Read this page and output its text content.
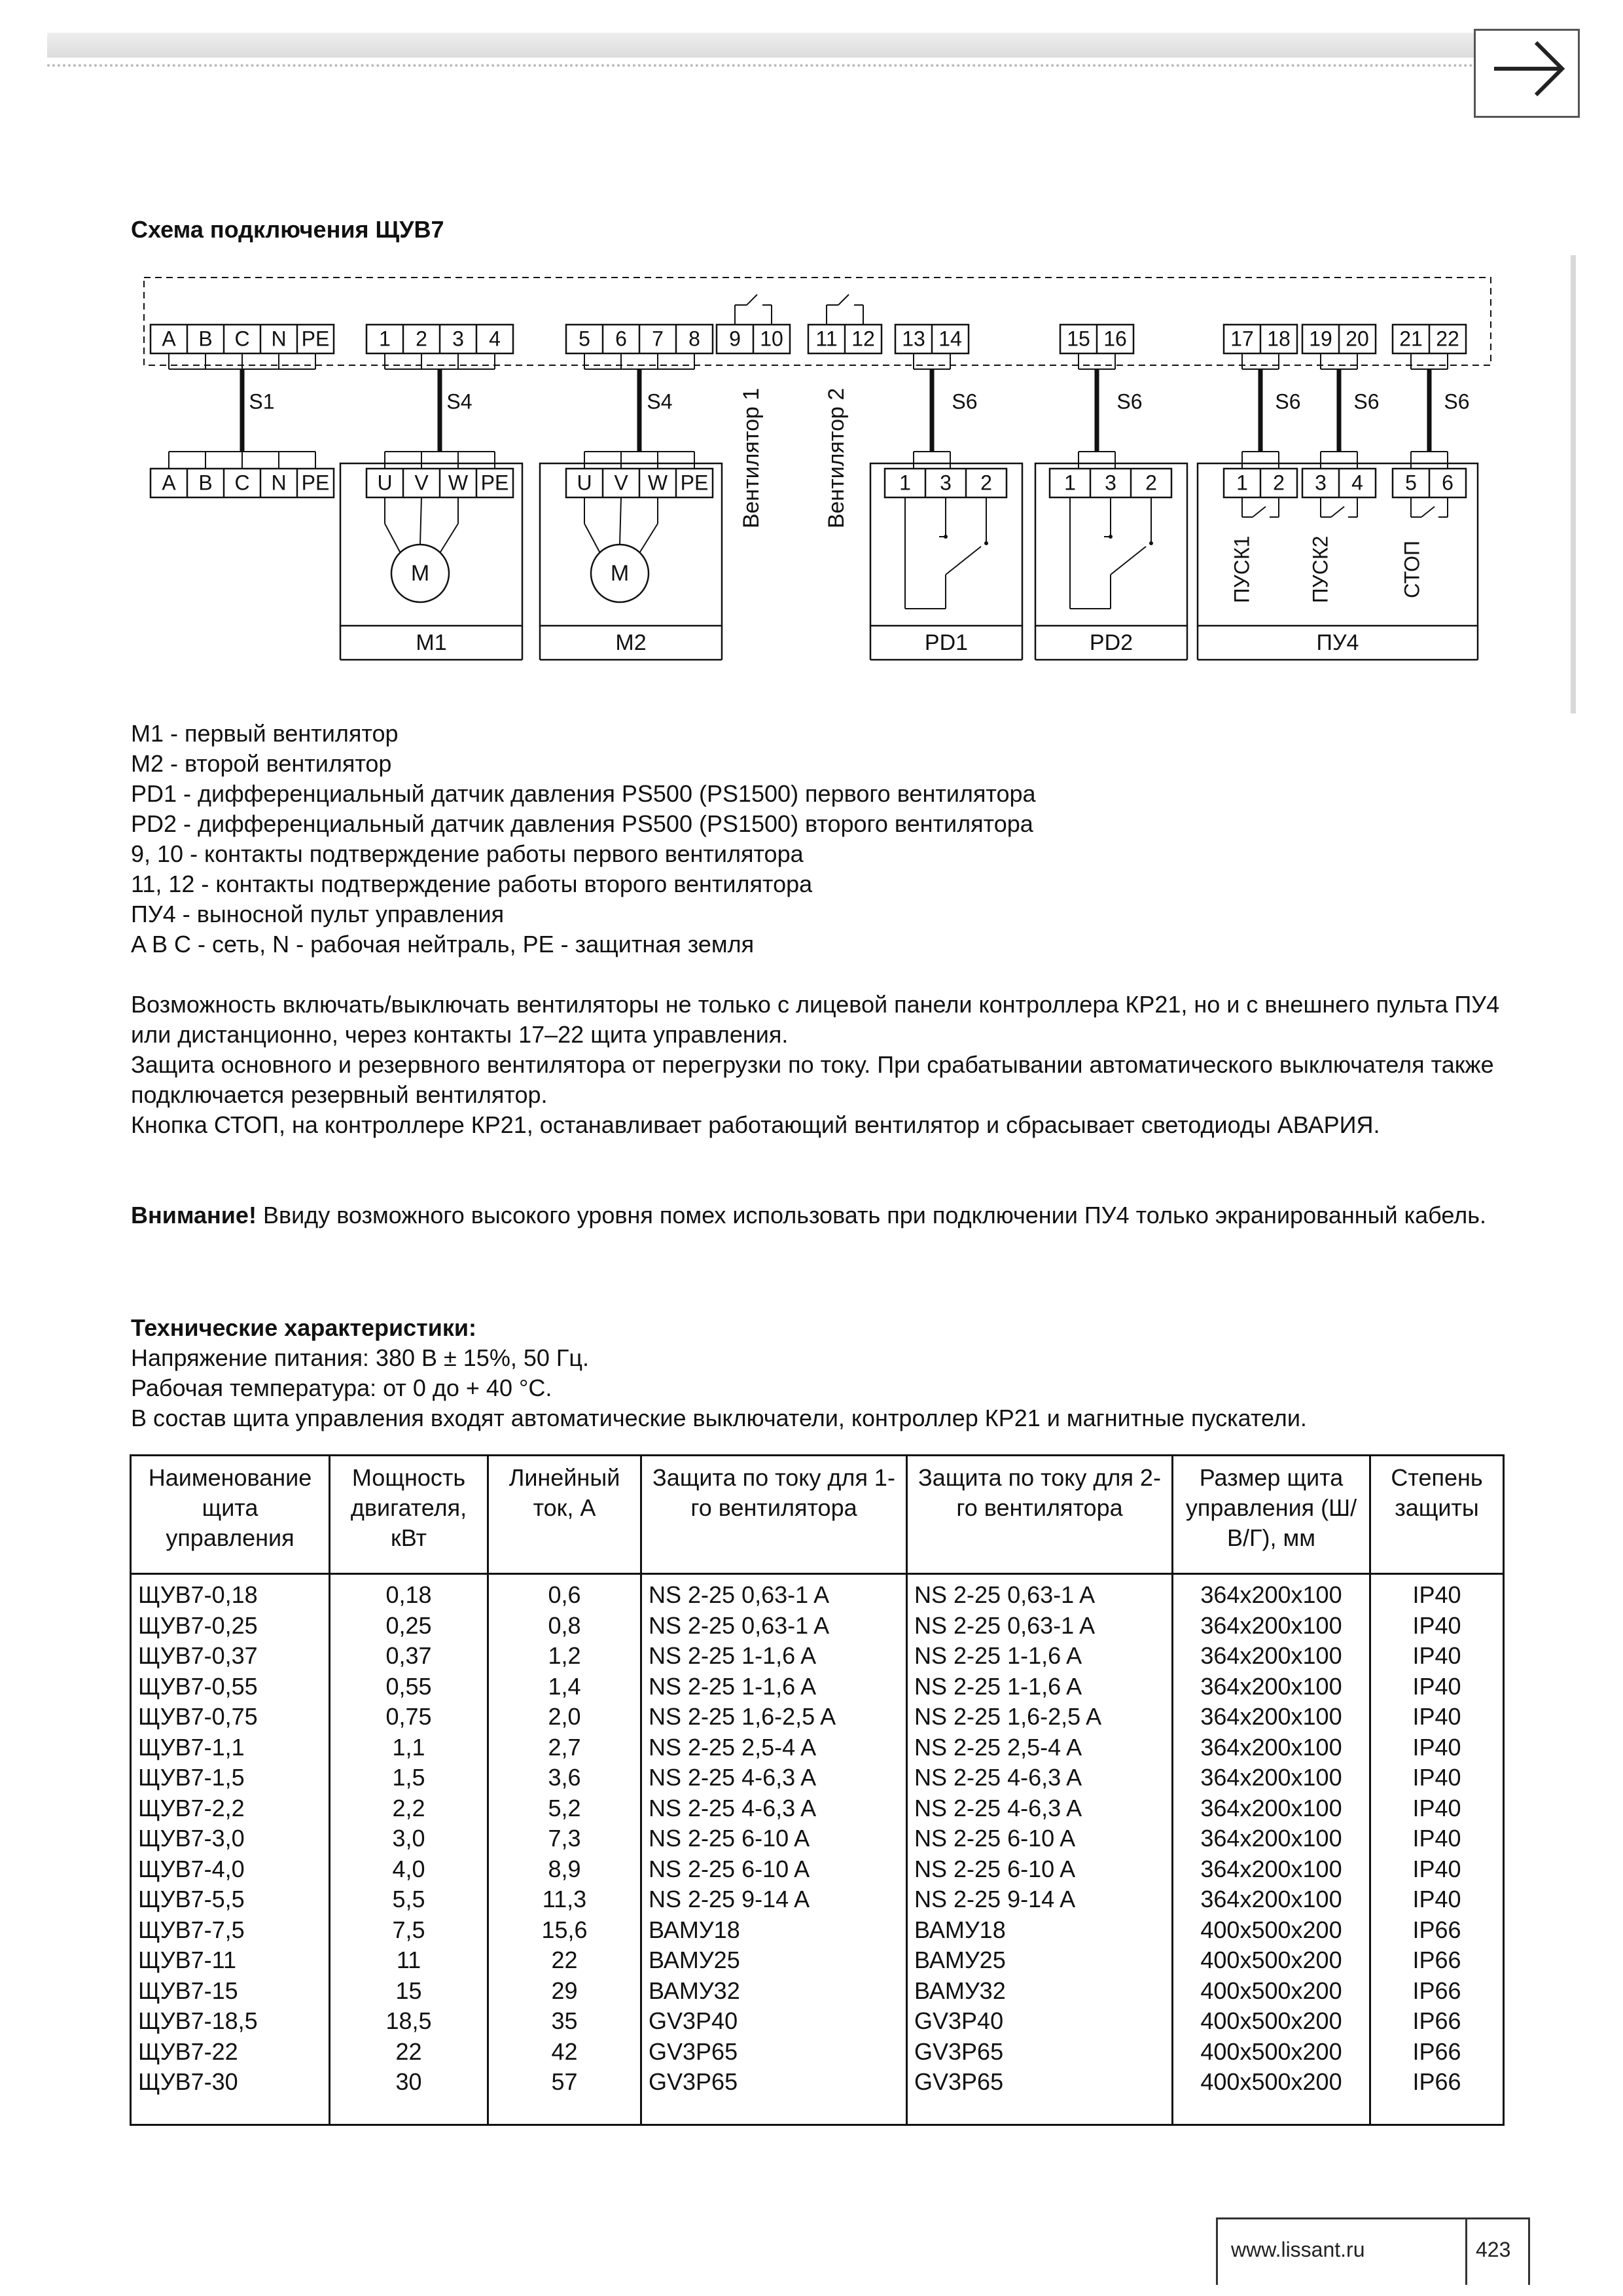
Схема подключения ЩУВ7
A B C N PE 1 2 3 4	5 6 7 8 9 10 11 12 13 14	15 16	17 18 19 20 21 22
S1
A B C N PE
S4	S4
M1
U V W PE
M
M2
U V W PE
M
Вентилятор 1	Вентилятор 2	S6
PD1
1 3 2
S6
PD2
1 3 2
ПУ4
S6	S6	S6
1 2 3 4 5 6
ПУСК1	ПУСК2	СТОП
M1 - первый вентилятор
M2 - второй вентилятор
PD1 - дифференциальный датчик давления PS500 (PS1500) первого вентилятора
PD2 - дифференциальный датчик давления PS500 (PS1500) второго вентилятора
9, 10 - контакты подтверждение работы первого вентилятора
11, 12 - контакты подтверждение работы второго вентилятора
ПУ4 - выносной пульт управления
A B C - сеть, N - рабочая нейтраль, PE - защитная земля

Возможность включать/выключать вентиляторы не только с лицевой панели контроллера КР21, но и с внешнего пульта ПУ4 или дистанционно, через контакты 17–22 щита управления.

Защита основного и резервного вентилятора от перегрузки по току. При срабатывании автоматического выключателя также подключается резервный вентилятор.

Кнопка СТОП, на контроллере КР21, останавливает работающий вентилятор и сбрасывает светодиоды АВАРИЯ.

Внимание! Ввиду возможного высокого уровня помех использовать при подключении ПУ4 только экранированный кабель.

Технические характеристики:
Напряжение питания: 380 В ± 15%, 50 Гц.
Рабочая температура: от 0 до + 40 °С.
В состав щита управления входят автоматические выключатели, контроллер КР21 и магнитные пускатели.
Наименование щита управления	Мощность двигателя, кВт	Линейный ток, А	Защита по току для 1-го вентилятора	Защита по току для 2-го вентилятора	Размер щита управления (Ш/В/Г), мм	Степень защиты
ЩУВ7-0,18	0,18	0,6	NS 2-25 0,63-1 A	NS 2-25 0,63-1 A	364x200x100	IP40
ЩУВ7-0,25	0,25	0,8	NS 2-25 0,63-1 A	NS 2-25 0,63-1 A	364x200x100	IP40
ЩУВ7-0,37	0,37	1,2	NS 2-25 1-1,6 A	NS 2-25 1-1,6 A	364x200x100	IP40
ЩУВ7-0,55	0,55	1,4	NS 2-25 1-1,6 A	NS 2-25 1-1,6 A	364x200x100	IP40
ЩУВ7-0,75	0,75	2,0	NS 2-25 1,6-2,5 A	NS 2-25 1,6-2,5 A	364x200x100	IP40
ЩУВ7-1,1	1,1	2,7	NS 2-25 2,5-4 A	NS 2-25 2,5-4 A	364x200x100	IP40
ЩУВ7-1,5	1,5	3,6	NS 2-25 4-6,3 A	NS 2-25 4-6,3 A	364x200x100	IP40
ЩУВ7-2,2	2,2	5,2	NS 2-25 4-6,3 A	NS 2-25 4-6,3 A	364x200x100	IP40
ЩУВ7-3,0	3,0	7,3	NS 2-25 6-10 A	NS 2-25 6-10 A	364x200x100	IP40
ЩУВ7-4,0	4,0	8,9	NS 2-25 6-10 A	NS 2-25 6-10 A	364x200x100	IP40
ЩУВ7-5,5	5,5	11,3	NS 2-25 9-14 A	NS 2-25 9-14 A	364x200x100	IP40
ЩУВ7-7,5	7,5	15,6	ВАМУ18	ВАМУ18	400x500x200	IP66
ЩУВ7-11	11	22	ВАМУ25	ВАМУ25	400x500x200	IP66
ЩУВ7-15	15	29	ВАМУ32	ВАМУ32	400x500x200	IP66
ЩУВ7-18,5	18,5	35	GV3P40	GV3P40	400x500x200	IP66
ЩУВ7-22	22	42	GV3P65	GV3P65	400x500x200	IP66
ЩУВ7-30	30	57	GV3P65	GV3P65	400x500x200	IP66
www.lissant.ru	423
